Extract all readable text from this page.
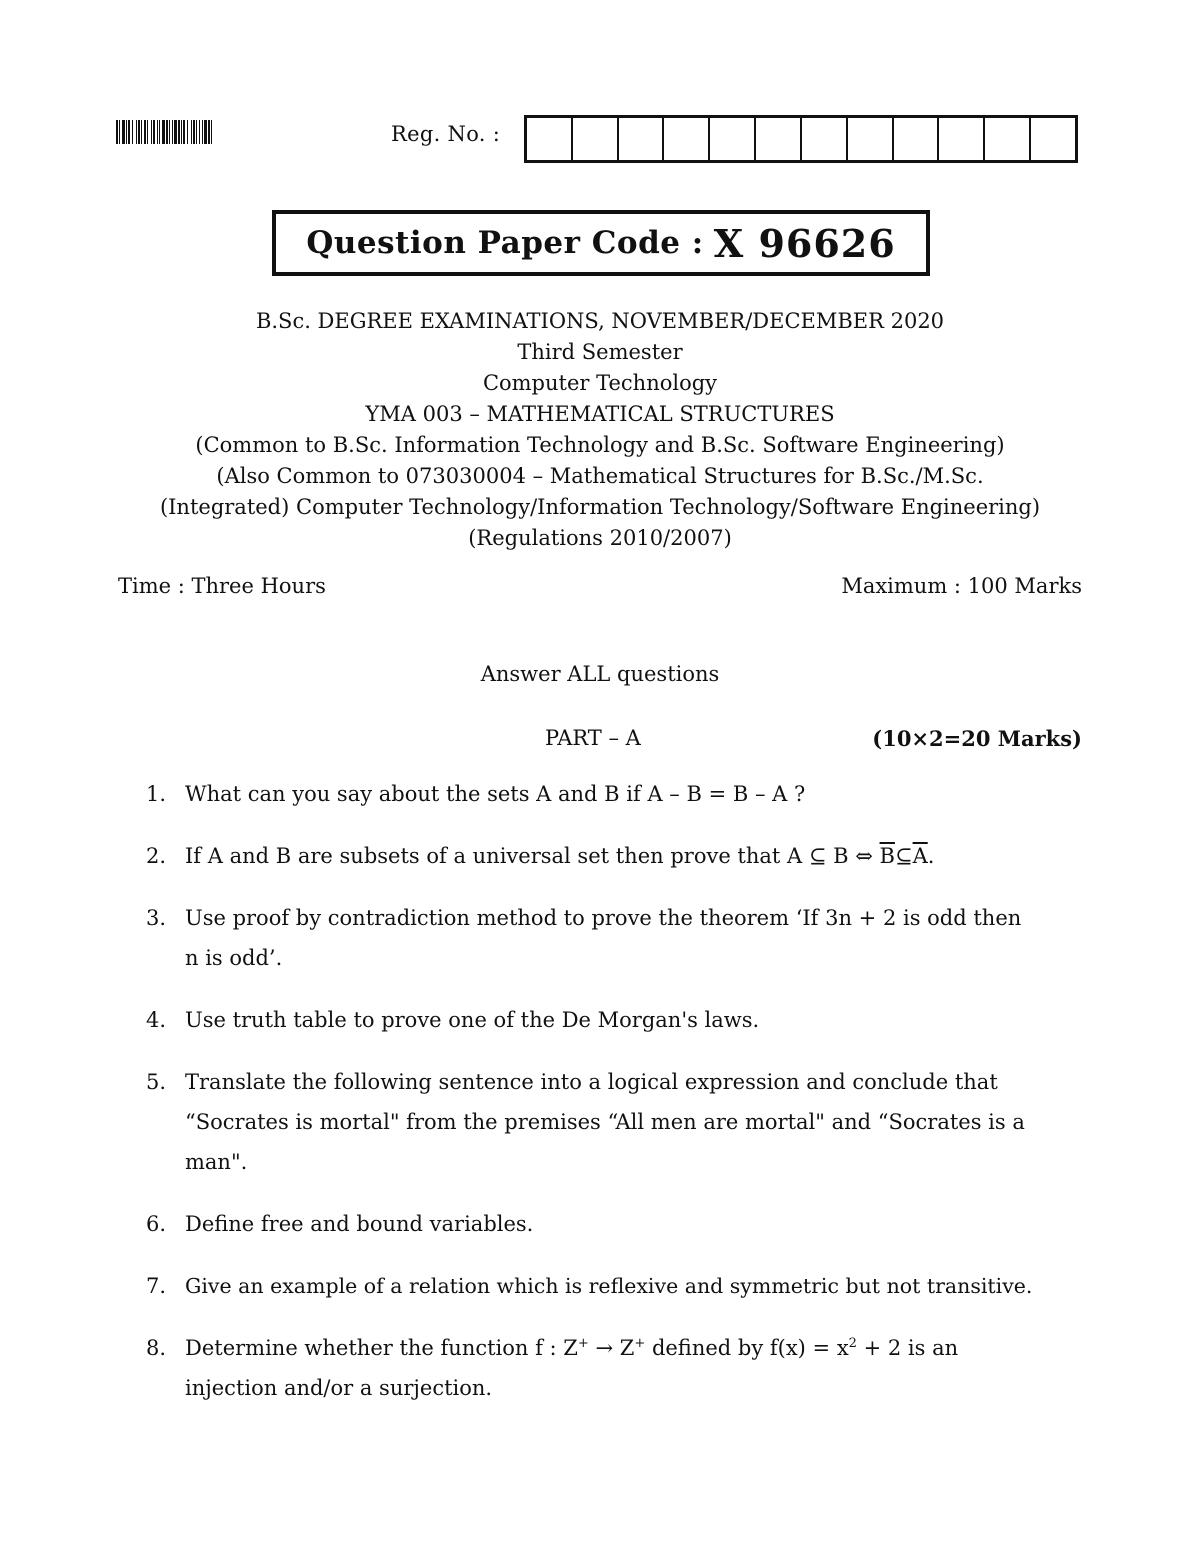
Reg. No. :
Question Paper Code : X 96626
B.Sc. DEGREE EXAMINATIONS, NOVEMBER/DECEMBER 2020
Third Semester
Computer Technology
YMA 003 – MATHEMATICAL STRUCTURES
(Common to B.Sc. Information Technology and B.Sc. Software Engineering)
(Also Common to 073030004 – Mathematical Structures for B.Sc./M.Sc.
(Integrated) Computer Technology/Information Technology/Software Engineering)
(Regulations 2010/2007)
Time : Three Hours	Maximum : 100 Marks
Answer ALL questions
PART – A	(10×2=20 Marks)
1. What can you say about the sets A and B if A – B = B – A ?
2. If A and B are subsets of a universal set then prove that A ⊆ B ⇔ $\overline{B}⊆\overline{A}$.
3. Use proof by contradiction method to prove the theorem ‘If 3n + 2 is odd then n is odd’.
4. Use truth table to prove one of the De Morgan's laws.
5. Translate the following sentence into a logical expression and conclude that “Socrates is mortal" from the premises “All men are mortal" and “Socrates is a man".
6. Define free and bound variables.
7. Give an example of a relation which is reflexive and symmetric but not transitive.
8. Determine whether the function f : Z+ → Z+ defined by $f(x) = x^2 + 2$ is an injection and/or a surjection.
